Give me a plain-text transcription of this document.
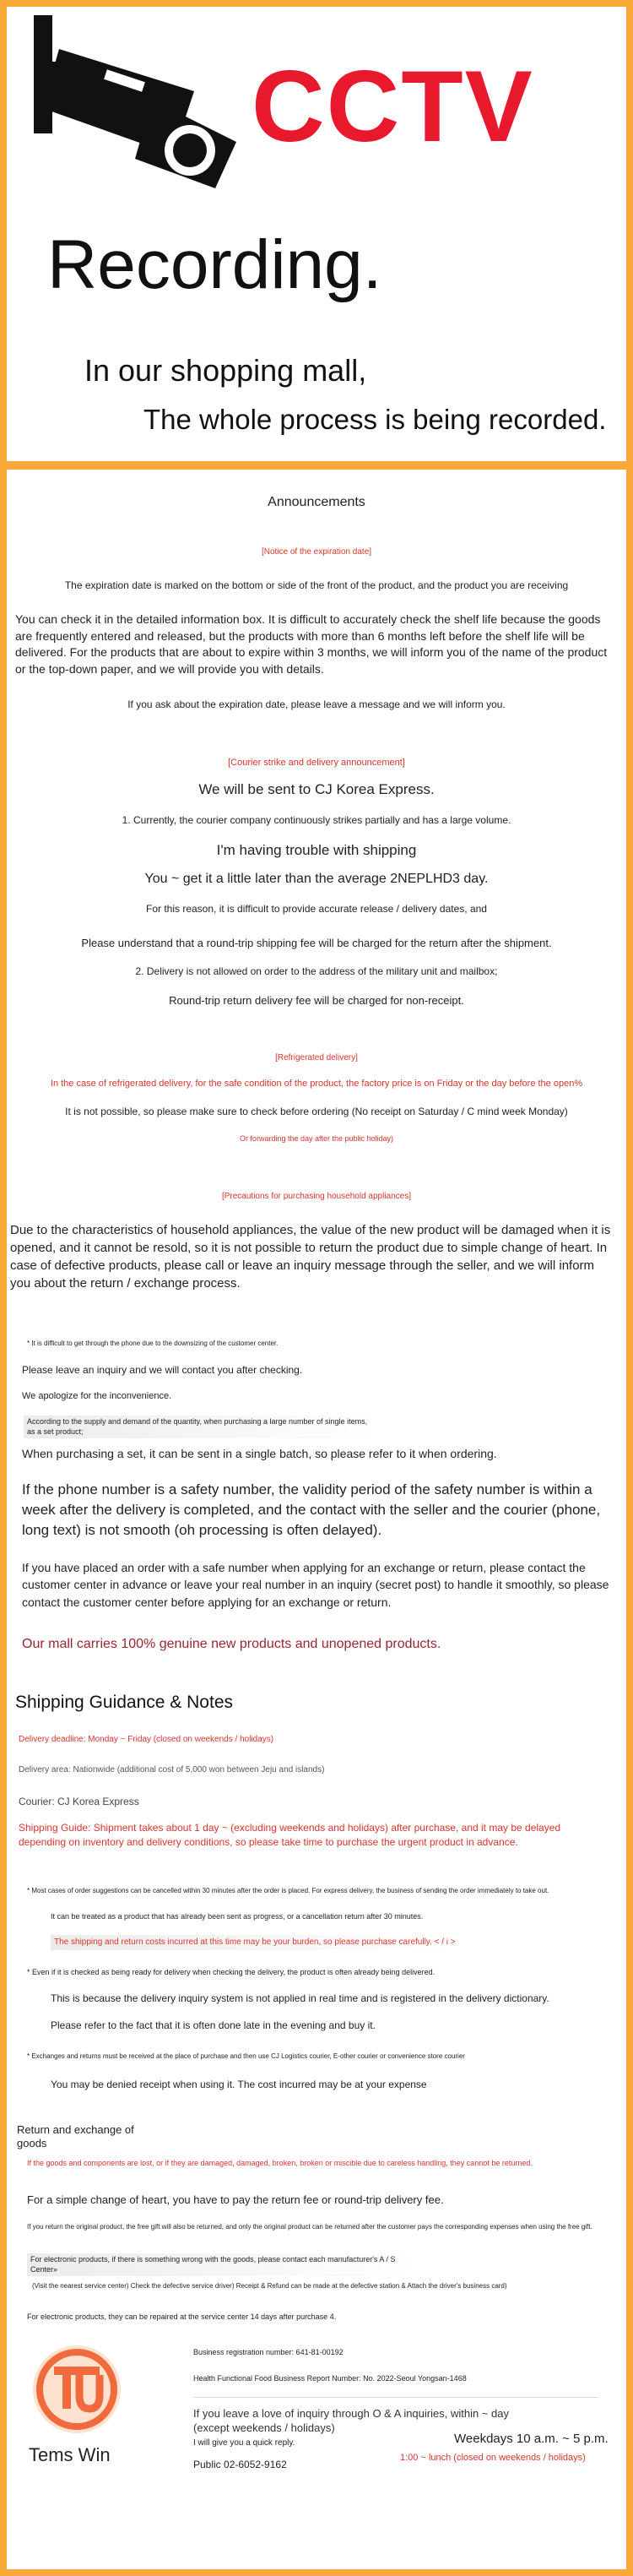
CCTV
Recording.
In our shopping mall,
The whole process is being recorded.
Announcements
[Notice of the expiration date]
The expiration date is marked on the bottom or side of the front of the product, and the product you are receiving
You can check it in the detailed information box. It is difficult to accurately check the shelf life because the goods are frequently entered and released, but the products with more than 6 months left before the shelf life will be delivered. For the products that are about to expire within 3 months, we will inform you of the name of the product or the top-down paper, and we will provide you with details.
If you ask about the expiration date, please leave a message and we will inform you.
[Courier strike and delivery announcement]
We will be sent to CJ Korea Express.
1. Currently, the courier company continuously strikes partially and has a large volume.
I'm having trouble with shipping
You ~ get it a little later than the average 2NEPLHD3 day.
For this reason, it is difficult to provide accurate release / delivery dates, and
Please understand that a round-trip shipping fee will be charged for the return after the shipment.
2. Delivery is not allowed on order to the address of the military unit and mailbox;
Round-trip return delivery fee will be charged for non-receipt.
[Refrigerated delivery]
In the case of refrigerated delivery, for the safe condition of the product, the factory price is on Friday or the day before the open%
It is not possible, so please make sure to check before ordering (No receipt on Saturday / C mind week Monday)
Or forwarding the day after the public holiday)
[Precautions for purchasing household appliances]
Due to the characteristics of household appliances, the value of the new product will be damaged when it is opened, and it cannot be resold, so it is not possible to return the product due to simple change of heart. In case of defective products, please call or leave an inquiry message through the seller, and we will inform you about the return / exchange process.
* It is difficult to get through the phone due to the downsizing of the customer center.
Please leave an inquiry and we will contact you after checking.
We apologize for the inconvenience.
According to the supply and demand of the quantity, when purchasing a large number of single items, as a set product;
When purchasing a set, it can be sent in a single batch, so please refer to it when ordering.
If the phone number is a safety number, the validity period of the safety number is within a week after the delivery is completed, and the contact with the seller and the courier (phone, long text) is not smooth (oh processing is often delayed).
If you have placed an order with a safe number when applying for an exchange or return, please contact the customer center in advance or leave your real number in an inquiry (secret post) to handle it smoothly, so please contact the customer center before applying for an exchange or return.
Our mall carries 100% genuine new products and unopened products.
Shipping Guidance & Notes
Delivery deadline: Monday ~ Friday (closed on weekends / holidays)
Delivery area: Nationwide (additional cost of 5,000 won between Jeju and islands)
Courier: CJ Korea Express
Shipping Guide: Shipment takes about 1 day ~ (excluding weekends and holidays) after purchase, and it may be delayed depending on inventory and delivery conditions, so please take time to purchase the urgent product in advance.
* Most cases of order suggestions can be cancelled within 30 minutes after the order is placed. For express delivery, the business of sending the order immediately to take out.
It can be treated as a product that has already been sent as progress, or a cancellation return after 30 minutes.
The shipping and return costs incurred at this time may be your burden, so please purchase carefully. < / i >
* Even if it is checked as being ready for delivery when checking the delivery, the product is often already being delivered.
This is because the delivery inquiry system is not applied in real time and is registered in the delivery dictionary.
Please refer to the fact that it is often done late in the evening and buy it.
* Exchanges and returns must be received at the place of purchase and then use CJ Logistics courier, E-other courier or convenience store courier
You may be denied receipt when using it. The cost incurred may be at your expense
Return and exchange of goods
If the goods and components are lost, or if they are damaged, damaged, broken, broken or miscible due to careless handling, they cannot be returned.
For a simple change of heart, you have to pay the return fee or round-trip delivery fee.
If you return the original product, the free gift will also be returned, and only the original product can be returned after the customer pays the corresponding expenses when using the free gift.
For electronic products, if there is something wrong with the goods, please contact each manufacturer's A / S Center»
(Visit the nearest service center) Check the defective service driver) Receipt & Refund can be made at the defective station & Attach the driver's business card)
For electronic products, they can be repaired at the service center 14 days after purchase 4.
Tems Win
Business registration number: 641-81-00192
Health Functional Food Business Report Number: No. 2022-Seoul Yongsan-1468
If you leave a love of inquiry through O & A inquiries, within ~ day (except weekends / holidays)
I will give you a quick reply.
Public 02-6052-9162
Weekdays 10 a.m. ~ 5 p.m.
1:00 ~ lunch (closed on weekends / holidays)
